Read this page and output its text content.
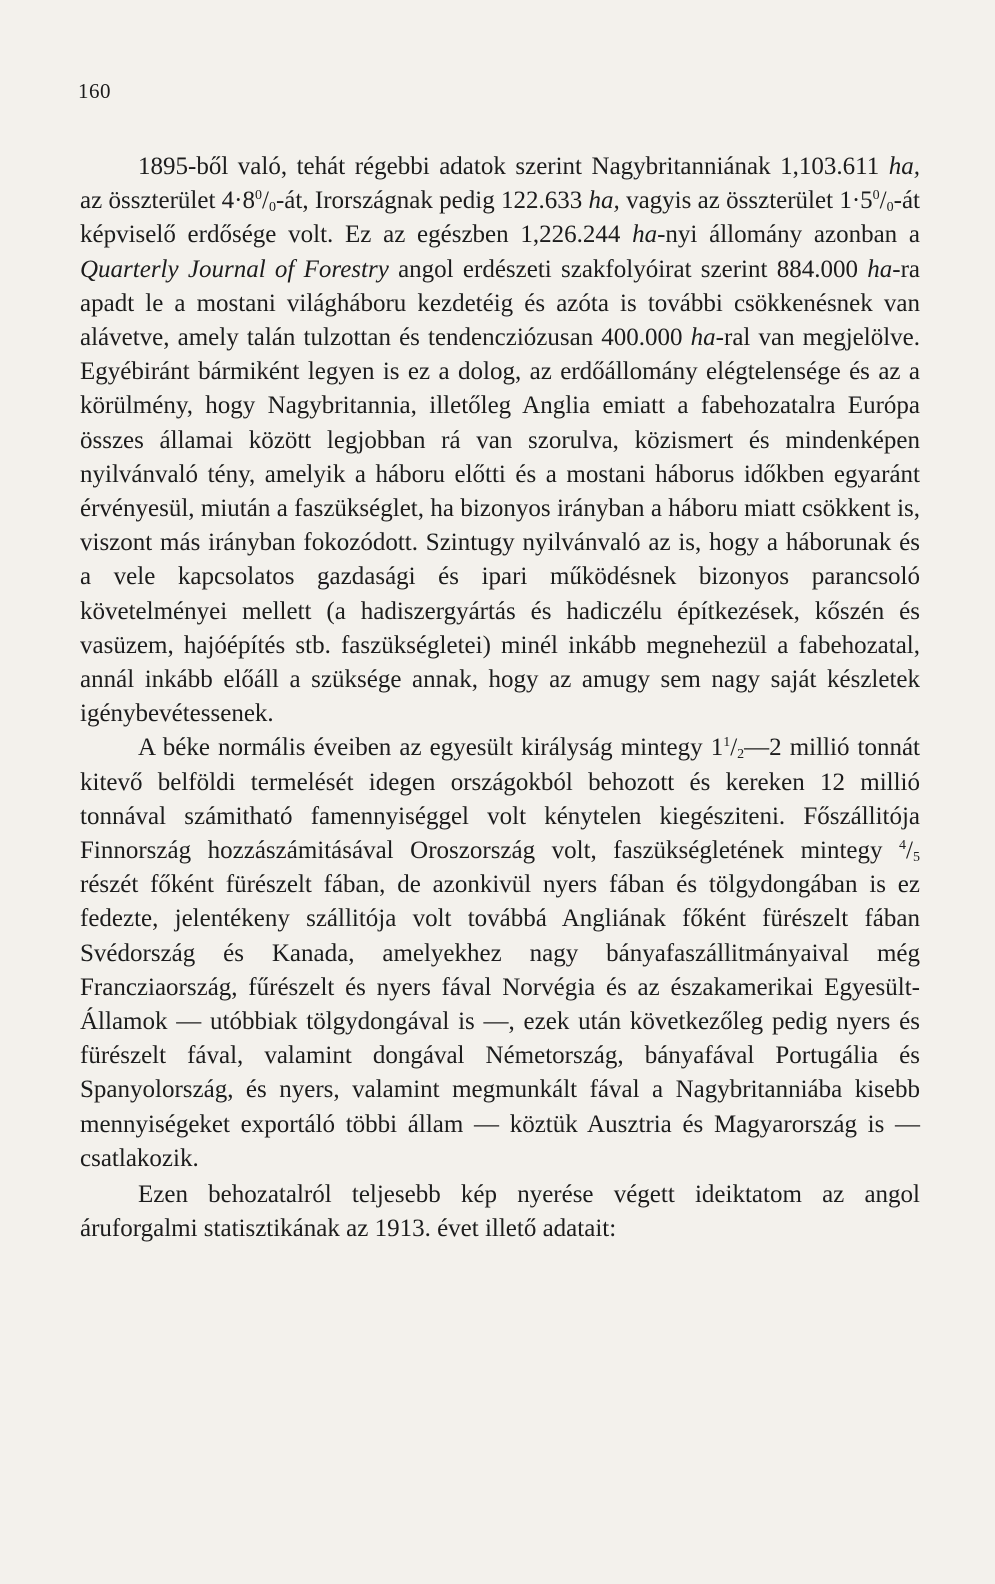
160

1895-ből való, tehát régebbi adatok szerint Nagybritanniának 1,103.611 ha, az összterület $4\cdot 8^0/_0-át$, Irországnak pedig 122.633 ha, vagyis az összterület $1\cdot 5^0/_0-át$ képviselő erdősége volt. Ez az egészben 1,226.244 ha-nyi állomány azonban a Quarterly Journal of Forestry angol erdészeti szakfolyóirat szerint 884.000 ha-ra apadt le a mostani világháboru kezdetéig és azóta is további csökkenésnek van alávetve, amely talán tulzottan és tendencziózusan 400.000 ha-ral van megjelölve. Egyébiránt bármiként legyen is ez a dolog, az erdőállomány elégtelensége és az a körülmény, hogy Nagybritannia, illetőleg Anglia emiatt a fabehozatalra Európa összes államai között legjobban rá van szorulva, közismert és mindenképen nyilvánvaló tény, amelyik a háboru előtti és a mostani háborus időkben egyaránt érvényesül, miután a faszükséglet, ha bizonyos irányban a háboru miatt csökkent is, viszont más irányban fokozódott. Szintugy nyilvánvaló az is, hogy a háborunak és a vele kapcsolatos gazdasági és ipari működésnek bizonyos parancsoló követelményei mellett (a hadiszergyártás és hadiczélu építkezések, kőszén és vasüzem, hajóépítés stb. faszükségletei) minél inkább megnehezül a fabehozatal, annál inkább előáll a szüksége annak, hogy az amugy sem nagy saját készletek igénybevétessenek.

A béke normális éveiben az egyesült királyság mintegy $1^1/_2—2$ millió tonnát kitevő belföldi termelését idegen országokból behozott és kereken 12 millió tonnával számitható famennyiséggel volt kénytelen kiegésziteni. Főszállitója Finnország hozzászámitásával Oroszország volt, faszükségletének mintegy $^4/_5$ részét főként fürészelt fában, de azonkivül nyers fában és tölgydongában is ez fedezte, jelentékeny szállitója volt továbbá Angliának főként fürészelt fában Svédország és Kanada, amelyekhez nagy bányafaszállitmányaival még Francziaország, fűrészelt és nyers fával Norvégia és az északamerikai Egyesült-Államok — utóbbiak tölgydongával is —, ezek után következőleg pedig nyers és fürészelt fával, valamint dongával Németország, bányafával Portugália és Spanyolország, és nyers, valamint megmunkált fával a Nagybritanniába kisebb mennyiségeket exportáló többi állam — köztük Ausztria és Magyarország is — csatlakozik.

Ezen behozatalról teljesebb kép nyerése végett ideiktatom az angol áruforgalmi statisztikának az 1913. évet illető adatait:
